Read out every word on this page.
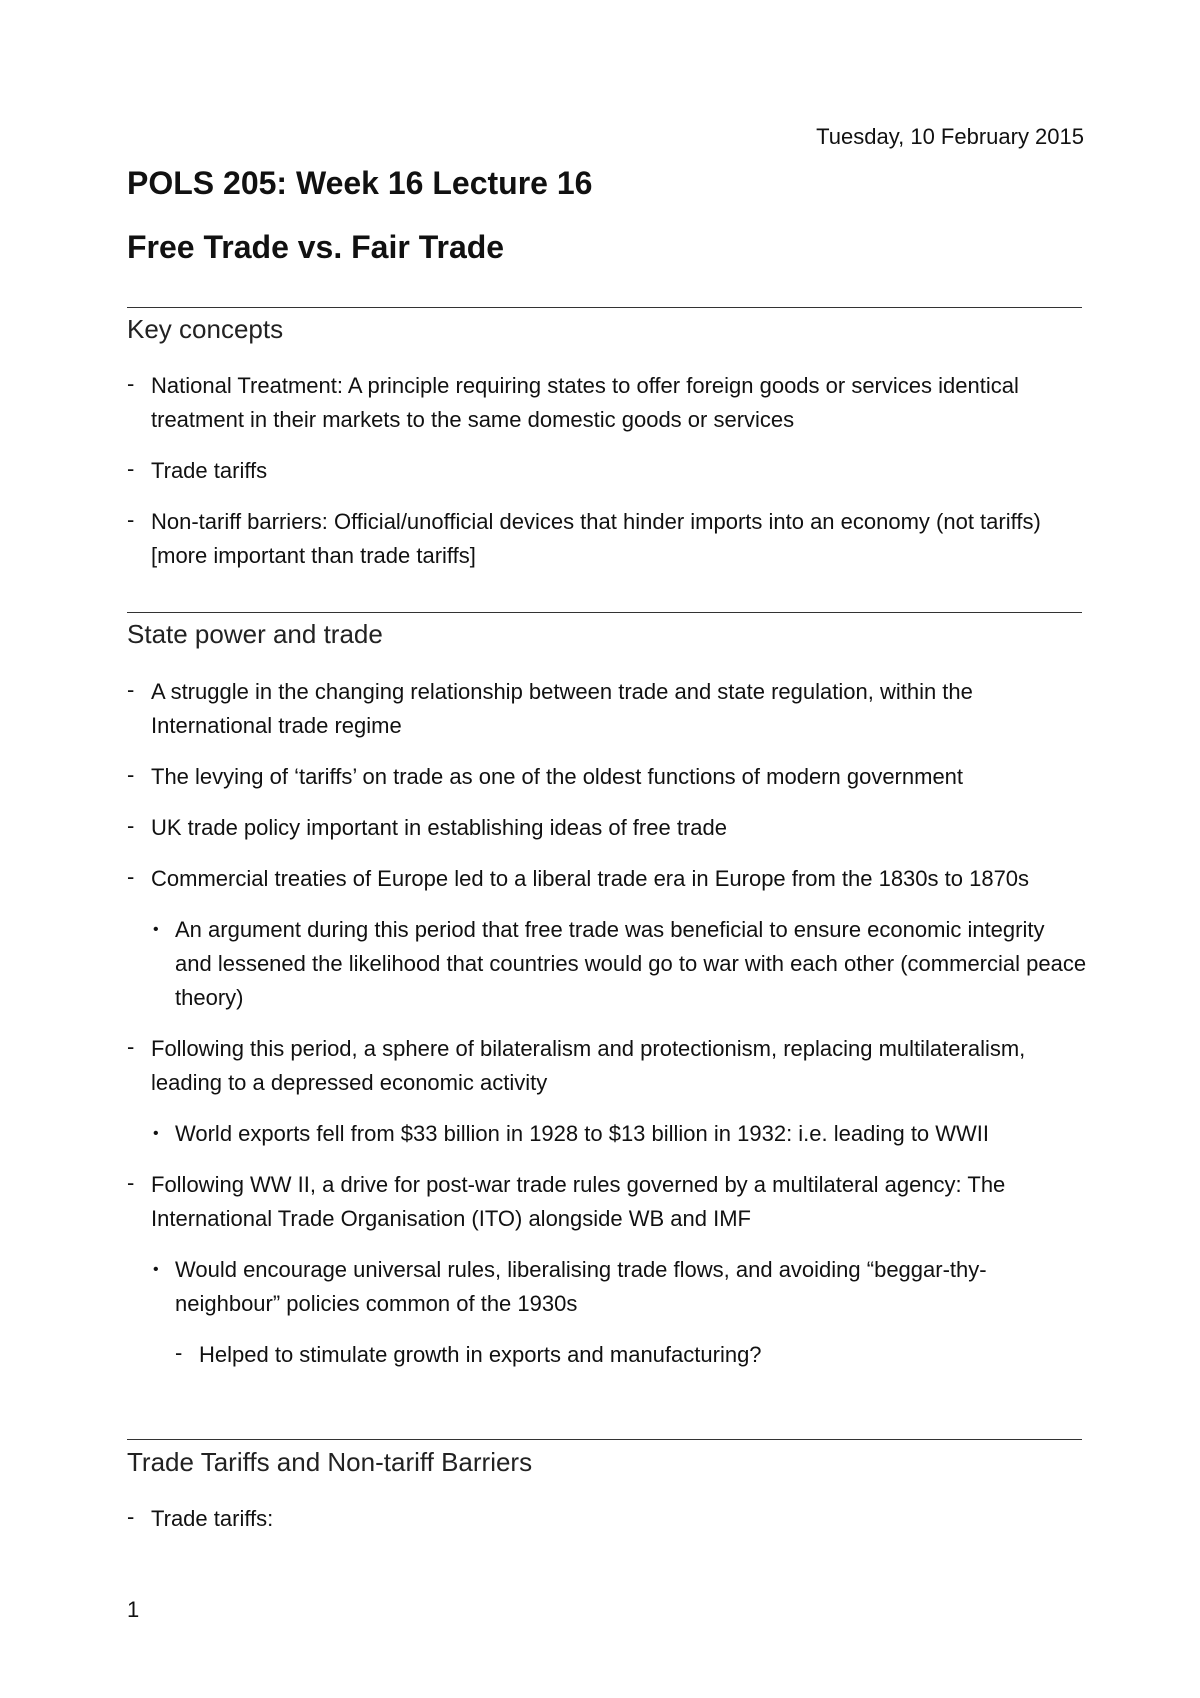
Tuesday, 10 February 2015
POLS 205: Week 16 Lecture 16
Free Trade vs. Fair Trade
Key concepts
- National Treatment: A principle requiring states to offer foreign goods or services identical treatment in their markets to the same domestic goods or services
- Trade tariffs
- Non-tariff barriers: Official/unofficial devices that hinder imports into an economy (not tariffs) [more important than trade tariffs]
State power and trade
- A struggle in the changing relationship between trade and state regulation, within the International trade regime
- The levying of ‘tariffs’ on trade as one of the oldest functions of modern government
- UK trade policy important in establishing ideas of free trade
- Commercial treaties of Europe led to a liberal trade era in Europe from the 1830s to 1870s
• An argument during this period that free trade was beneficial to ensure economic integrity and lessened the likelihood that countries would go to war with each other (commercial peace theory)
- Following this period, a sphere of bilateralism and protectionism, replacing multilateralism, leading to a depressed economic activity
• World exports fell from $33 billion in 1928 to $13 billion in 1932: i.e. leading to WWII
- Following WW II, a drive for post-war trade rules governed by a multilateral agency: The International Trade Organisation (ITO) alongside WB and IMF
• Would encourage universal rules, liberalising trade flows, and avoiding “beggar-thy-neighbour” policies common of the 1930s
- Helped to stimulate growth in exports and manufacturing?
Trade Tariffs and Non-tariff Barriers
- Trade tariffs:
1
